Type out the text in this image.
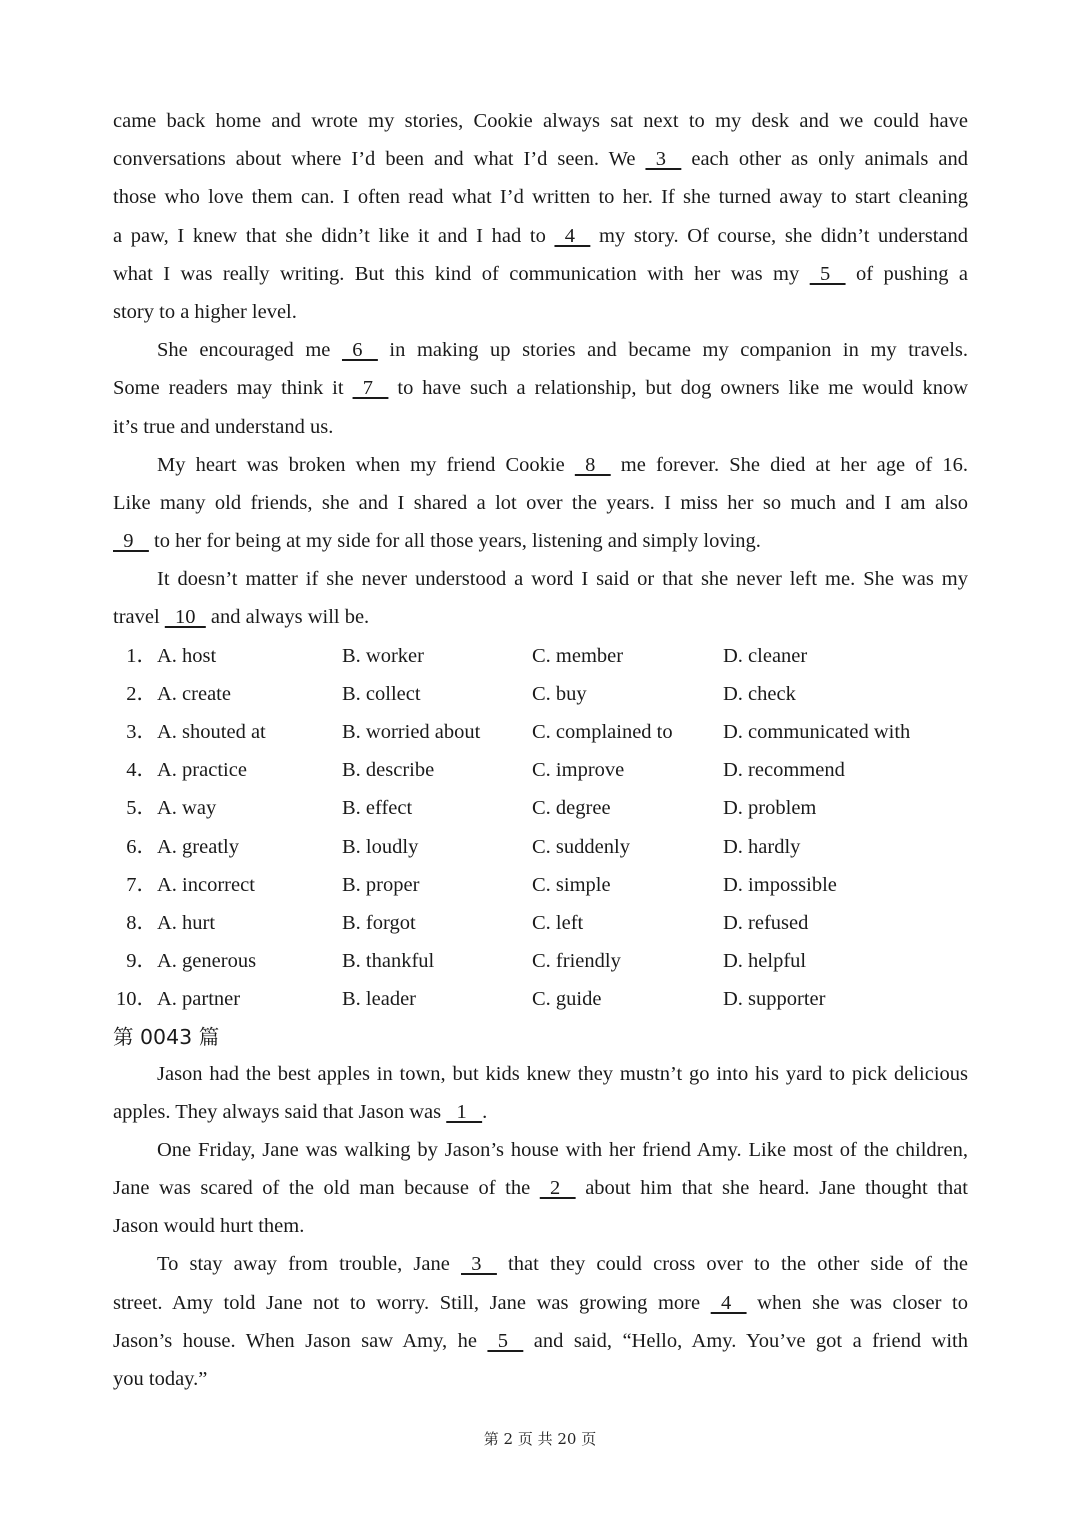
came back home and wrote my stories, Cookie always sat next to my desk and we could have
conversations about where I’d been and what I’d seen. We   3    each other as only animals and
those who love them can. I often read what I’d written to her. If she turned away to start cleaning
a paw, I knew that she didn’t like it and I had to   4    my story. Of course, she didn’t understand
what I was really writing. But this kind of communication with her was my   5    of pushing a
story to a higher level.
She encouraged me   6    in making up stories and became my companion in my travels.
Some readers may think it   7    to have such a relationship, but dog owners like me would know
it’s true and understand us.
My heart was broken when my friend Cookie   8    me forever. She died at her age of 16.
Like many old friends, she and I shared a lot over the years. I miss her so much and I am also
9    to her for being at my side for all those years, listening and simply loving.
It doesn’t matter if she never understood a word I said or that she never left me. She was my
travel   10   and always will be.
1． A. host	B. worker	C. member	D. cleaner
2． A. create	B. collect	C. buy	D. check
3． A. shouted at	B. worried about	C. complained to	D. communicated with
4． A. practice	B. describe	C. improve	D. recommend
5． A. way	B. effect	C. degree	D. problem
6． A. greatly	B. loudly	C. suddenly	D. hardly
7． A. incorrect	B. proper	C. simple	D. impossible
8． A. hurt	B. forgot	C. left	D. refused
9． A. generous	B. thankful	C. friendly	D. helpful
10． A. partner	B. leader	C. guide	D. supporter
第 0043 篇
Jason had the best apples in town, but kids knew they mustn’t go into his yard to pick delicious
apples. They always said that Jason was   1   .
One Friday, Jane was walking by Jason’s house with her friend Amy. Like most of the children,
Jane was scared of the old man because of the   2    about him that she heard. Jane thought that
Jason would hurt them.
To stay away from trouble, Jane   3    that they could cross over to the other side of the
street. Amy told Jane not to worry. Still, Jane was growing more   4    when she was closer to
Jason’s house. When Jason saw Amy, he   5    and said, “Hello, Amy. You’ve got a friend with
you today.”
第 2 页 共 20 页
